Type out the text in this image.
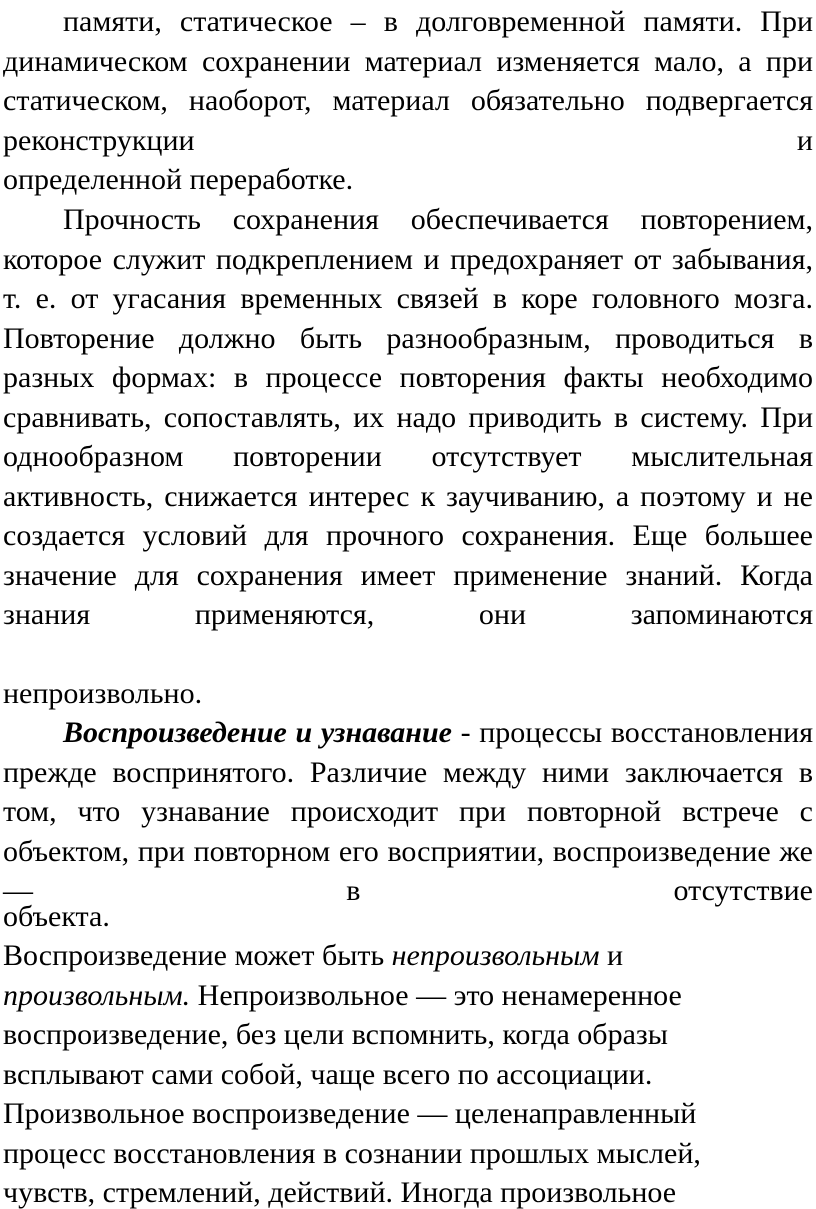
памяти, статическое – в долговременной памяти. При динамическом сохранении материал изменяется мало, а при статическом, наоборот, материал обязательно подвергается реконструкции и

определенной переработке.

Прочность сохранения обеспечивается повторением, которое служит подкреплением и предохраняет от забывания, т. е. от угасания временных связей в коре головного мозга. Повторение должно быть разнообразным, проводиться в разных формах: в процессе повторения факты необходимо сравнивать, сопоставлять, их надо приводить в систему. При однообразном повторении отсутствует мыслительная активность, снижается интерес к заучиванию, а поэтому и не создается условий для прочного сохранения. Еще большее значение для сохранения имеет применение знаний. Когда знания применяются, они запоминаются

непроизвольно.

Воспроизведение и узнавание - процессы восстановления прежде воспринятого. Различие между ними заключается в том, что узнавание происходит при повторной встрече с объектом, при повторном его восприятии, воспроизведение же — в отсутствие

объекта.
Воспроизведение может быть непроизвольным и
произвольным. Непроизвольное — это ненамеренное
воспроизведение, без цели вспомнить, когда образы
всплывают сами собой, чаще всего по ассоциации.
Произвольное воспроизведение — целенаправленный
процесс восстановления в сознании прошлых мыслей,
чувств, стремлений, действий. Иногда произвольное
